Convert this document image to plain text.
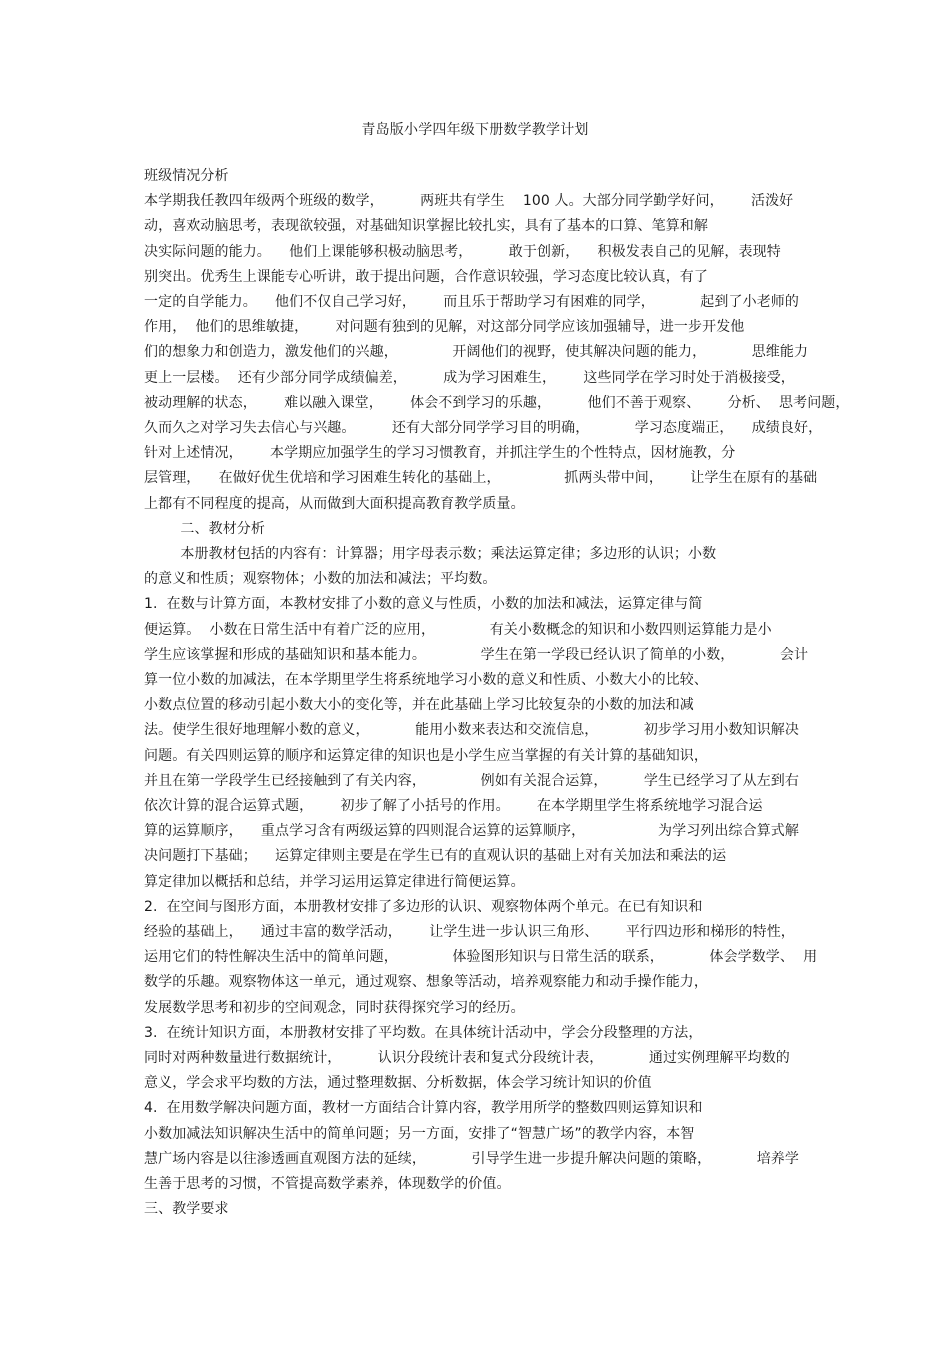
青岛版小学四年级下册数学教学计划
班级情况分析
本学期我任教四年级两个班级的数学，        两班共有学生    100 人。大部分同学勤学好问，      活泼好
动，喜欢动脑思考，表现欲较强，对基础知识掌握比较扎实，具有了基本的口算、笔算和解
决实际问题的能力。    他们上课能够积极动脑思考，        敢于创新，    积极发表自己的见解，表现特
别突出。优秀生上课能专心听讲，敢于提出问题，合作意识较强，学习态度比较认真，有了
一定的自学能力。    他们不仅自己学习好，      而且乐于帮助学习有困难的同学，          起到了小老师的
作用，  他们的思维敏捷，      对问题有独到的见解，对这部分同学应该加强辅导，进一步开发他
们的想象力和创造力，激发他们的兴趣，            开阔他们的视野，使其解决问题的能力，          思维能力
更上一层楼。  还有少部分同学成绩偏差，        成为学习困难生，      这些同学在学习时处于消极接受，
被动理解的状态，      难以融入课堂，      体会不到学习的乐趣，        他们不善于观察、      分析、  思考问题，
久而久之对学习失去信心与兴趣。        还有大部分同学学习目的明确，          学习态度端正，    成绩良好，
针对上述情况，      本学期应加强学生的学习习惯教育，并抓注学生的个性特点，因材施教，分
层管理，    在做好优生优培和学习困难生转化的基础上，              抓两头带中间，      让学生在原有的基础
上都有不同程度的提高，从而做到大面积提高教育教学质量。
二、教材分析
本册教材包括的内容有：计算器；用字母表示数；乘法运算定律；多边形的认识；小数
的意义和性质；观察物体；小数的加法和减法；平均数。
1.  在数与计算方面，本教材安排了小数的意义与性质，小数的加法和减法，运算定律与简
便运算。  小数在日常生活中有着广泛的应用，            有关小数概念的知识和小数四则运算能力是小
学生应该掌握和形成的基础知识和基本能力。            学生在第一学段已经认识了简单的小数，          会计
算一位小数的加减法，在本学期里学生将系统地学习小数的意义和性质、小数大小的比较、
小数点位置的移动引起小数大小的变化等，并在此基础上学习比较复杂的小数的加法和减
法。使学生很好地理解小数的意义，          能用小数来表达和交流信息，          初步学习用小数知识解决
问题。有关四则运算的顺序和运算定律的知识也是小学生应当掌握的有关计算的基础知识，
并且在第一学段学生已经接触到了有关内容，            例如有关混合运算，        学生已经学习了从左到右
依次计算的混合运算式题，      初步了解了小括号的作用。      在本学期里学生将系统地学习混合运
算的运算顺序，    重点学习含有两级运算的四则混合运算的运算顺序，                为学习列出综合算式解
决问题打下基础；    运算定律则主要是在学生已有的直观认识的基础上对有关加法和乘法的运
算定律加以概括和总结，并学习运用运算定律进行简便运算。
2.  在空间与图形方面，本册教材安排了多边形的认识、观察物体两个单元。在已有知识和
经验的基础上，    通过丰富的数学活动，      让学生进一步认识三角形、      平行四边形和梯形的特性，
运用它们的特性解决生活中的简单问题，            体验图形知识与日常生活的联系，          体会学数学、  用
数学的乐趣。观察物体这一单元，通过观察、想象等活动，培养观察能力和动手操作能力，
发展数学思考和初步的空间观念，同时获得探究学习的经历。
3.  在统计知识方面，本册教材安排了平均数。在具体统计活动中，学会分段整理的方法，
同时对两种数量进行数据统计，        认识分段统计表和复式分段统计表，          通过实例理解平均数的
意义，学会求平均数的方法，通过整理数据、分析数据，体会学习统计知识的价值
4.  在用数学解决问题方面，教材一方面结合计算内容，教学用所学的整数四则运算知识和
小数加减法知识解决生活中的简单问题；另一方面，安排了“智慧广场”的教学内容，本智
慧广场内容是以往渗透画直观图方法的延续，          引导学生进一步提升解决问题的策略，          培养学
生善于思考的习惯，不管提高数学素养，体现数学的价值。
三、教学要求
